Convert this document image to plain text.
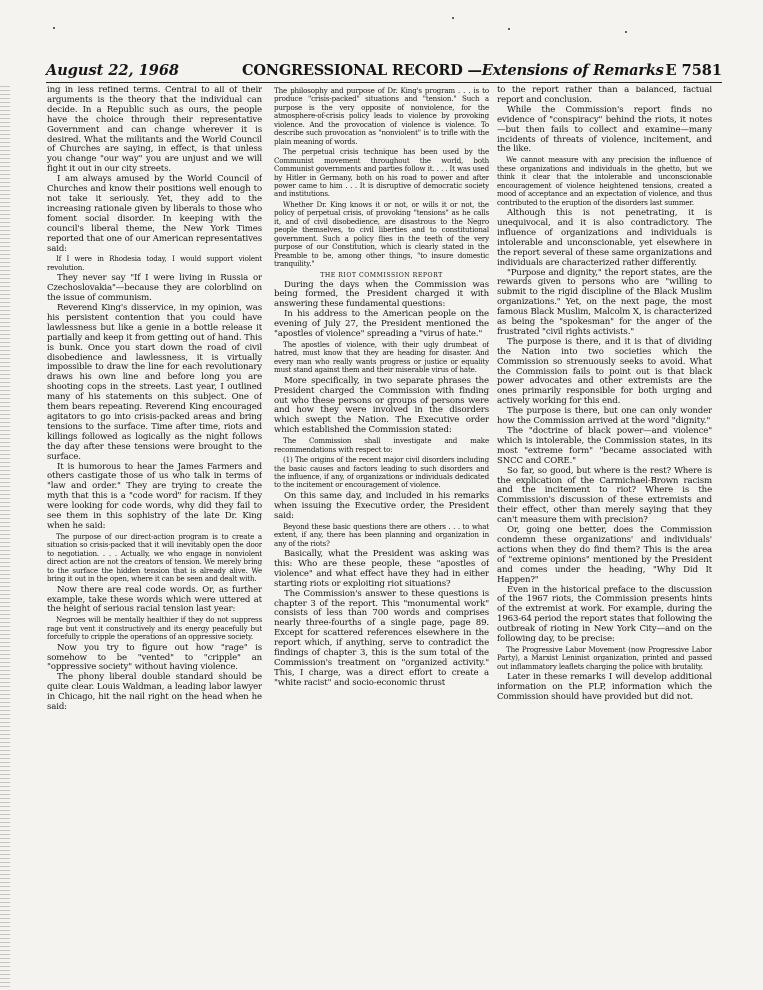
August 22, 1968	CONGRESSIONAL RECORD —Extensions of Remarks E 7581

ing in less refined terms. Central to all of their arguments is the theory that the individual can decide. In a Republic such as ours, the people have the choice through their representative Government and can change wherever it is desired. What the militants and the World Council of Churches are saying, in effect, is that unless you change "our way" you are unjust and we will fight it out in our city streets.

I am always amused by the World Council of Churches and know their positions well enough to not take it seriously. Yet, they add to the increasing rationale given by liberals to those who foment social disorder. In keeping with the council's liberal theme, the New York Times reported that one of our American representatives said:

If I were in Rhodesia today, I would support violent revolution.

They never say "If I were living in Russia or Czechoslovakia"—because they are colorblind on the issue of communism.

Reverend King's disservice, in my opinion, was his persistent contention that you could have lawlessness but like a genie in a bottle release it partially and keep it from getting out of hand. This is bunk. Once you start down the road of civil disobedience and lawlessness, it is virtually impossible to draw the line for each revolutionary draws his own line and before long you are shooting cops in the streets. Last year, I outlined many of his statements on this subject. One of them bears repeating. Reverend King encouraged agitators to go into crisis-packed areas and bring tensions to the surface. Time after time, riots and killings followed as logically as the night follows the day after these tensions were brought to the surface.

It is humorous to hear the James Farmers and others castigate those of us who talk in terms of "law and order." They are trying to create the myth that this is a "code word" for racism. If they were looking for code words, why did they fail to see them in this sophistry of the late Dr. King when he said:

The purpose of our direct-action program is to create a situation so crisis-packed that it will inevitably open the door to negotiation. . . . Actually, we who engage in nonviolent direct action are not the creators of tension. We merely bring to the surface the hidden tension that is already alive. We bring it out in the open, where it can be seen and dealt with.

Now there are real code words. Or, as further example, take these words which were uttered at the height of serious racial tension last year:

Negroes will be mentally healthier if they do not suppress rage but vent it constructively and its energy peacefully but forcefully to cripple the operations of an oppressive society.

Now you try to figure out how "rage" is somehow to be "vented" to "cripple" an "oppressive society" without having violence.

The phony liberal double standard should be quite clear. Louis Waldman, a leading labor lawyer in Chicago, hit the nail right on the head when he said:

The philosophy and purpose of Dr. King's program . . . is to produce "crisis-packed" situations and "tension." Such a purpose is the very opposite of nonviolence, for the atmosphere-of-crisis policy leads to violence by provoking violence. And the provocation of violence is violence. To describe such provocation as "nonviolent" is to trifle with the plain meaning of words.

The perpetual crisis technique has been used by the Communist movement throughout the world, both Communist governments and parties follow it. . . . It was used by Hitler in Germany, both on his road to power and after power came to him . . . It is disruptive of democratic society and institutions.

Whether Dr. King knows it or not, or wills it or not, the policy of perpetual crisis, of provoking "tensions" as he calls it, and of civil disobedience, are disastrous to the Negro people themselves, to civil liberties and to constitutional government. Such a policy flies in the teeth of the very purpose of our Constitution, which is clearly stated in the Preamble to be, among other things, "to insure domestic tranquility."

THE RIOT COMMISSION REPORT

During the days when the Commission was being formed, the President charged it with answering these fundamental questions:

In his address to the American people on the evening of July 27, the President mentioned the "apostles of violence" spreading a "virus of hate."

The apostles of violence, with their ugly drumbeat of hatred, must know that they are heading for disaster. And every man who really wants progress or justice or equality must stand against them and their miserable virus of hate.

More specifically, in two separate phrases the President charged the Commission with finding out who these persons or groups of persons were and how they were involved in the disorders which swept the Nation. The Executive order which established the Commission stated:

The Commission shall investigate and make recommendations with respect to:

(1) The origins of the recent major civil disorders including the basic causes and factors leading to such disorders and the influence, if any, of organizations or individuals dedicated to the incitement or encouragement of violence.

On this same day, and included in his remarks when issuing the Executive order, the President said:

Beyond these basic questions there are others . . . to what extent, if any, there has been planning and organization in any of the riots?

Basically, what the President was asking was this: Who are these people, these "apostles of violence" and what effect have they had in either starting riots or exploiting riot situations?

The Commission's answer to these questions is chapter 3 of the report. This "monumental work" consists of less than 700 words and comprises nearly three-fourths of a single page, page 89. Except for scattered references elsewhere in the report which, if anything, serve to contradict the findings of chapter 3, this is the sum total of the Commission's treatment on "organized activity." This, I charge, was a direct effort to create a "white racist" and socio-economic thrust

to the report rather than a balanced, factual report and conclusion.

While the Commission's report finds no evidence of "conspiracy" behind the riots, it notes—but then fails to collect and examine—many incidents of threats of violence, incitement, and the like.

We cannot measure with any precision the influence of these organizations and individuals in the ghetto, but we think it clear that the intolerable and unconscionable encouragement of violence heightened tensions, created a mood of acceptance and an expectation of violence, and thus contributed to the eruption of the disorders last summer.

Although this is not penetrating, it is unequivocal, and it is also contradictory. The influence of organizations and individuals is intolerable and unconscionable, yet elsewhere in the report several of these same organizations and individuals are characterized rather differently.

"Purpose and dignity," the report states, are the rewards given to persons who are "willing to submit to the rigid discipline of the Black Muslim organizations." Yet, on the next page, the most famous Black Muslim, Malcolm X, is characterized as being the "spokesman" for the anger of the frustrated "civil rights activists."

The purpose is there, and it is that of dividing the Nation into two societies which the Commission so strenuously seeks to avoid. What the Commission fails to point out is that black power advocates and other extremists are the ones primarily responsible for both urging and actively working for this end.

The purpose is there, but one can only wonder how the Commission arrived at the word "dignity."

The "doctrine of black power—and violence" which is intolerable, the Commission states, in its most "extreme form" "became associated with SNCC and CORE."

So far, so good, but where is the rest? Where is the explication of the Carmichael-Brown racism and the incitement to riot? Where is the Commission's discussion of these extremists and their effect, other than merely saying that they can't measure them with precision?

Or, going one better, does the Commission condemn these organizations' and individuals' actions when they do find them? This is the area of "extreme opinions" mentioned by the President and comes under the heading, "Why Did It Happen?"

Even in the historical preface to the discussion of the 1967 riots, the Commission presents hints of the extremist at work. For example, during the 1963-64 period the report states that following the outbreak of rioting in New York City—and on the following day, to be precise:

The Progressive Labor Movement (now Progressive Labor Party), a Marxist Leninist organization, printed and passed out inflammatory leaflets charging the police with brutality.

Later in these remarks I will develop additional information on the PLP, information which the Commission should have provided but did not.
